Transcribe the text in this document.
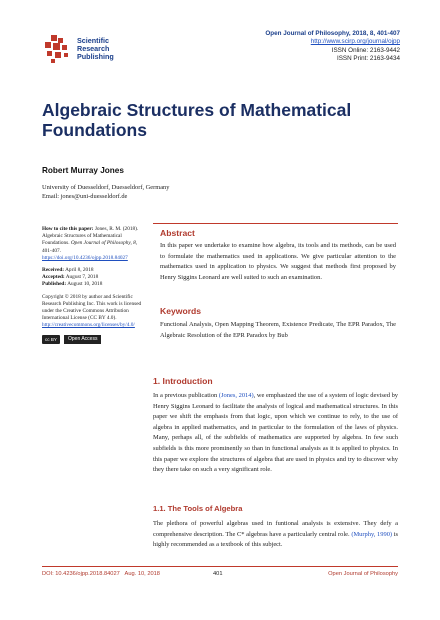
Scientific
Research
Publishing
Open Journal of Philosophy, 2018, 8, 401-407
http://www.scirp.org/journal/ojpp
ISSN Online: 2163-9442
ISSN Print: 2163-9434
Algebraic Structures of Mathematical
Foundations
Robert Murray Jones
University of Duesseldorf, Duesseldorf, Germany
Email: jones@uni-duesseldorf.de

How to cite this paper: Jones, R. M. (2018). Algebraic Structures of Mathematical Foundations. Open Journal of Philosophy, 8, 401-407.
https://doi.org/10.4236/ojpp.2018.84027

Received: April 8, 2018
Accepted: August 7, 2018
Published: August 10, 2018

Copyright © 2018 by author and Scientific Research Publishing Inc. This work is licensed under the Creative Commons Attribution International License (CC BY 4.0).
http://creativecommons.org/licenses/by/4.0/

cc BY	Open Access
Abstract
In this paper we undertake to examine how algebra, its tools and its methods, can be used to formulate the mathematics used in applications. We give particular attention to the mathematics used in application to physics. We suggest that methods first proposed by Henry Siggins Leonard are well suited to such an examination.
Keywords
Functional Analysis, Open Mapping Theorem, Existence Predicate, The EPR Paradox, The Algebraic Resolution of the EPR Paradox by Bub
1. Introduction
In a previous publication (Jones, 2014), we emphasized the use of a system of logic devised by Henry Siggins Leonard to facilitate the analysis of logical and mathematical structures. In this paper we shift the emphasis from that logic, upon which we continue to rely, to the use of algebra in applied mathematics, and in particular to the formulation of the laws of physics. Many, perhaps all, of the subfields of mathematics are supported by algebra. In few such subfields is this more prominently so than in functional analysis as it is applied to physics. In this paper we explore the structures of algebra that are used in physics and try to discover why they there take on such a very significant role.
1.1. The Tools of Algebra
The plethora of powerful algebras used in funtional analysis is extensive. They defy a comprehensive description. The C* algebras have a particularly central role. (Murphy, 1990) is highly recommended as a textbook of this subject.
DOI: 10.4236/ojpp.2018.84027 Aug. 10, 2018	401	Open Journal of Philosophy
